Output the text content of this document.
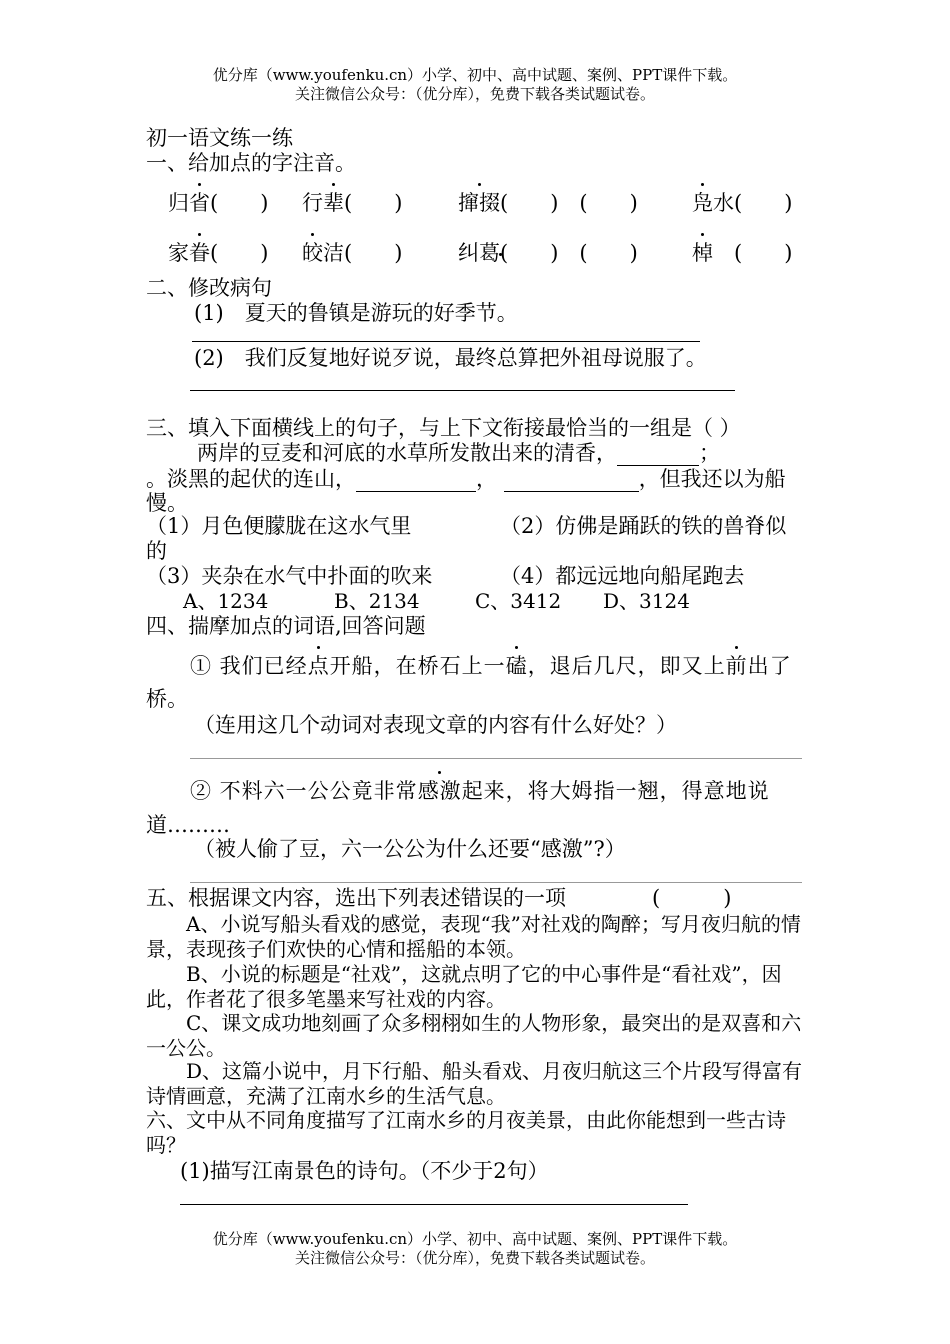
优分库（www.youfenku.cn）小学、初中、高中试题、案例、PPT课件下载。
关注微信公众号：（优分库），免费下载各类试题试卷。
初一语文练一练
一、给加点的字注音。
归省(　　) 行辈(　　)	撺掇(　　)　(　　)	凫水(　　)
家眷(　　) 皎洁(　　)	纠葛(　　)　(　　)	棹　(　　)
二、修改病句
(1)　夏天的鲁镇是游玩的好季节。
(2)　我们反复地好说歹说，最终总算把外祖母说服了。
三、填入下面横线上的句子，与上下文衔接最恰当的一组是（ ）
两岸的豆麦和河底的水草所发散出来的清香，	；
。淡黑的起伏的连山，	，	，但我还以为船
慢。
（1）月色便朦胧在这水气里	（2）仿佛是踊跃的铁的兽脊似
的
（3）夹杂在水气中扑面的吹来	（4）都远远地向船尾跑去
A、1234	B、2134	C、3412 D、3124
四、揣摩加点的词语,回答问题
① 我们已经点开船，在桥石上一磕，退后几尺，即又上前出了
桥。
（连用这几个动词对表现文章的内容有什么好处？）
② 不料六一公公竟非常感激起来，将大姆指一翘，得意地说
道………
（被人偷了豆，六一公公为什么还要“感激”?）
五、根据课文内容，选出下列表述错误的一项	(　　　)
A、小说写船头看戏的感觉，表现“我”对社戏的陶醉；写月夜归航的情景，表现孩子们欢快的心情和摇船的本领。
B、小说的标题是“社戏”，这就点明了它的中心事件是“看社戏”，因此，作者花了很多笔墨来写社戏的内容。
C、课文成功地刻画了众多栩栩如生的人物形象，最突出的是双喜和六一公公。
D、这篇小说中，月下行船、船头看戏、月夜归航这三个片段写得富有诗情画意，充满了江南水乡的生活气息。
六、文中从不同角度描写了江南水乡的月夜美景，由此你能想到一些古诗吗？
(1)描写江南景色的诗句。（不少于2句）
优分库（www.youfenku.cn）小学、初中、高中试题、案例、PPT课件下载。
关注微信公众号：（优分库），免费下载各类试题试卷。
